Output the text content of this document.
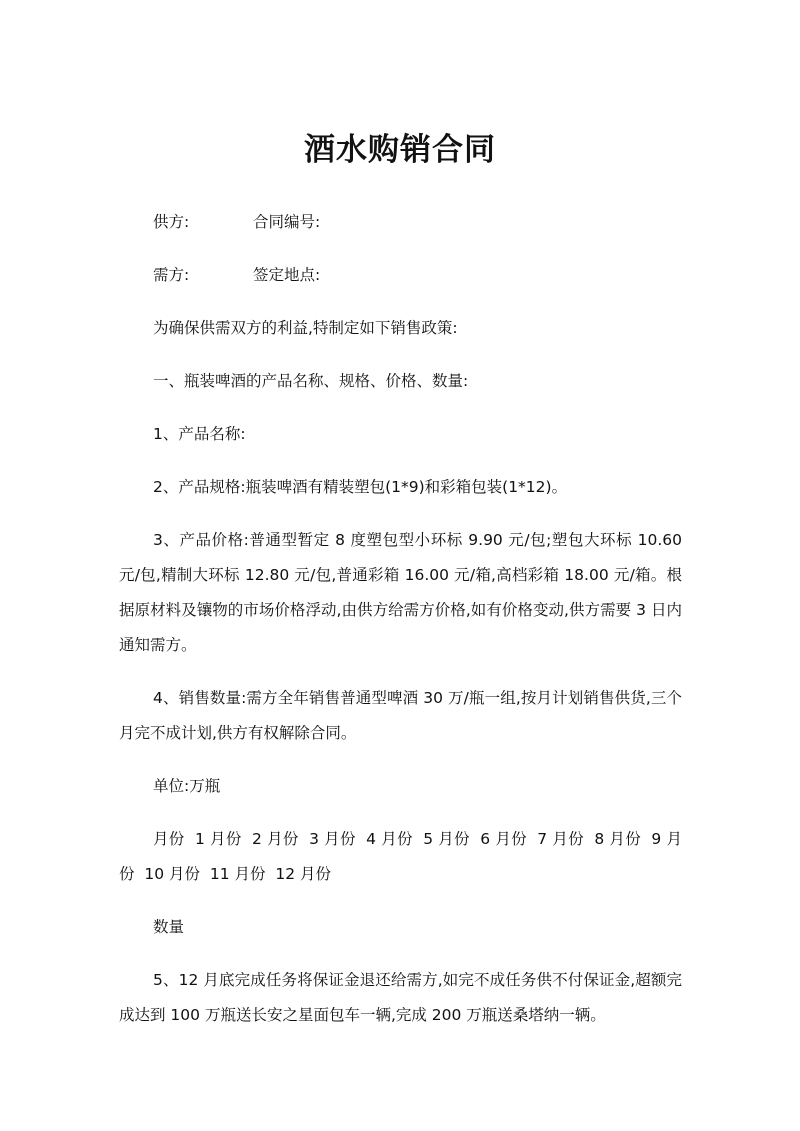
酒水购销合同
供方:	合同编号:
需方:	签定地点:

为确保供需双方的利益,特制定如下销售政策:

一、瓶装啤酒的产品名称、规格、价格、数量:

1、产品名称:

2、产品规格:瓶装啤酒有精装塑包(1*9)和彩箱包装(1*12)。

3、产品价格:普通型暂定 8 度塑包型小环标 9.90 元/包;塑包大环标 10.60 元/包,精制大环标 12.80 元/包,普通彩箱 16.00 元/箱,高档彩箱 18.00 元/箱。根据原材料及镶物的市场价格浮动,由供方给需方价格,如有价格变动,供方需要 3 日内通知需方。

4、销售数量:需方全年销售普通型啤酒 30 万/瓶一组,按月计划销售供货,三个月完不成计划,供方有权解除合同。

单位:万瓶

月份  1 月份  2 月份  3 月份  4 月份  5 月份  6 月份  7 月份  8 月份  9 月份  10 月份  11 月份  12 月份

数量

5、12 月底完成任务将保证金退还给需方,如完不成任务供不付保证金,超额完成达到 100 万瓶送长安之星面包车一辆,完成 200 万瓶送桑塔纳一辆。
